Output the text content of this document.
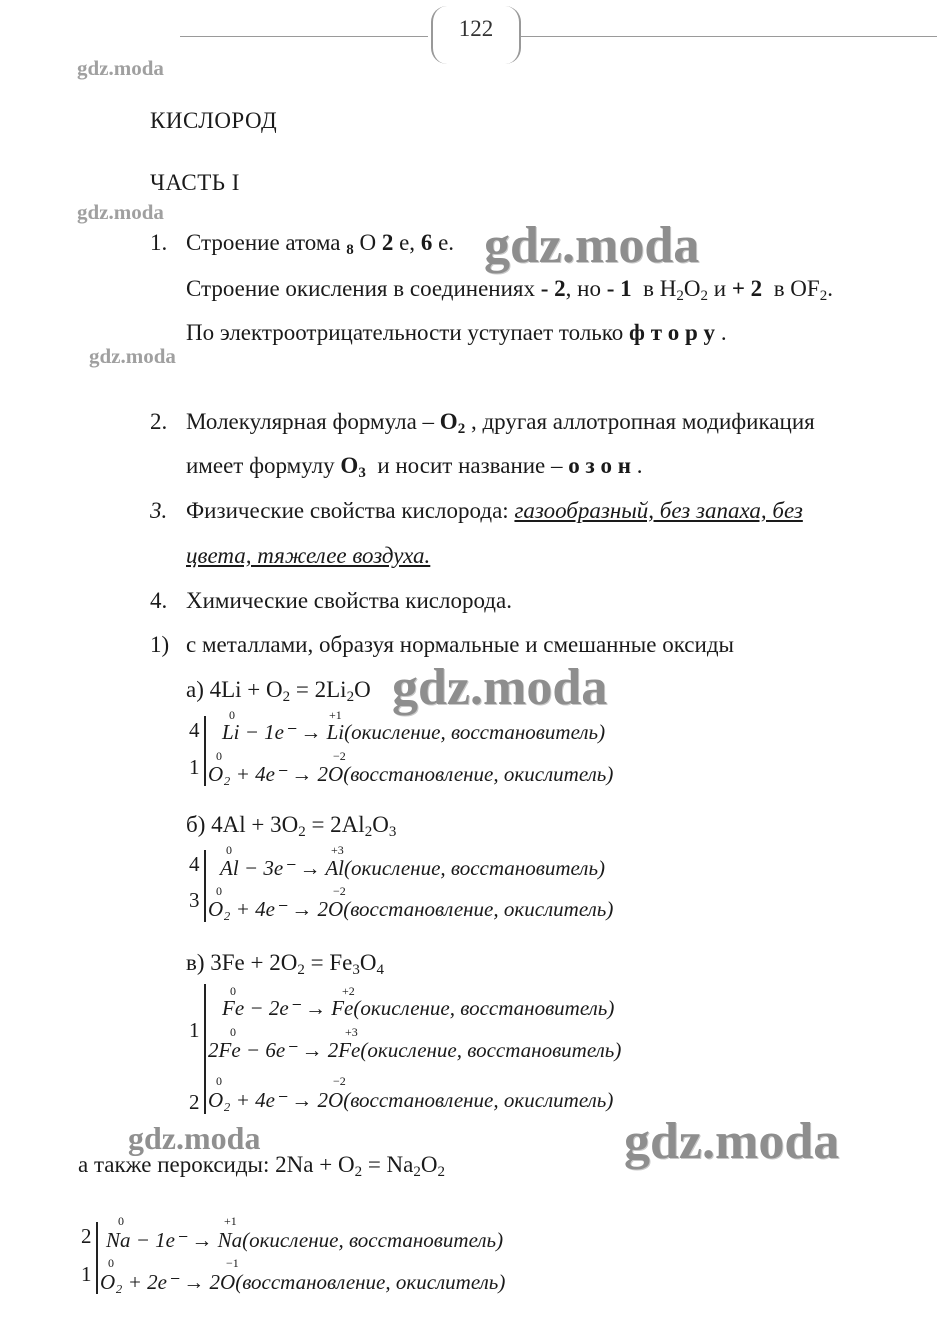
122
gdz.moda
gdz.moda
gdz.moda
gdz.moda
gdz.moda
gdz.moda
gdz.moda
КИСЛОРОД
ЧАСТЬ I
1. Строение атома $_8$ О 2 е, 6 е.
Строение окисления в соединениях - 2, но - 1 в $H_2O_2$ и + 2 в $OF_2$.
По электроотрицательности уступает только ф т о р у .
2. Молекулярная формула – $O_2$ , другая аллотропная модификация
имеет формулу $O_3$ и носит название – о з о н .
3. Физические свойства кислорода: газообразный, без запаха, без
цвета, тяжелее воздуха.
4. Химические свойства кислорода.
1) с металлами, образуя нормальные и смешанные оксиды
а) $4Li + O_2 = 2Li_2O$
4
1
0	+1
Li − 1e⁻ → Li(окисление, восстановитель)
0	−2
O₂ + 4e⁻ → 2O(восстановление, окислитель)
б) $4Al + 3O_2 = 2Al_2O_3$
4
3
0	+3
Al − 3e⁻ → Al(окисление, восстановитель)
0	−2
O₂ + 4e⁻ → 2O(восстановление, окислитель)
в) $3Fe + 2O_2 = Fe_3O_4$
1
2
0	+2
Fe − 2e⁻ → Fe(окисление, восстановитель)
0	+3
2Fe − 6e⁻ → 2Fe(окисление, восстановитель)
0	−2
O₂ + 4e⁻ → 2O(восстановление, окислитель)
а также пероксиды: $2Na + O_2 = Na_2O_2$
2
1
0	+1
Na − 1e⁻ → Na(окисление, восстановитель)
0	−1
O₂ + 2e⁻ → 2O(восстановление, окислитель)
